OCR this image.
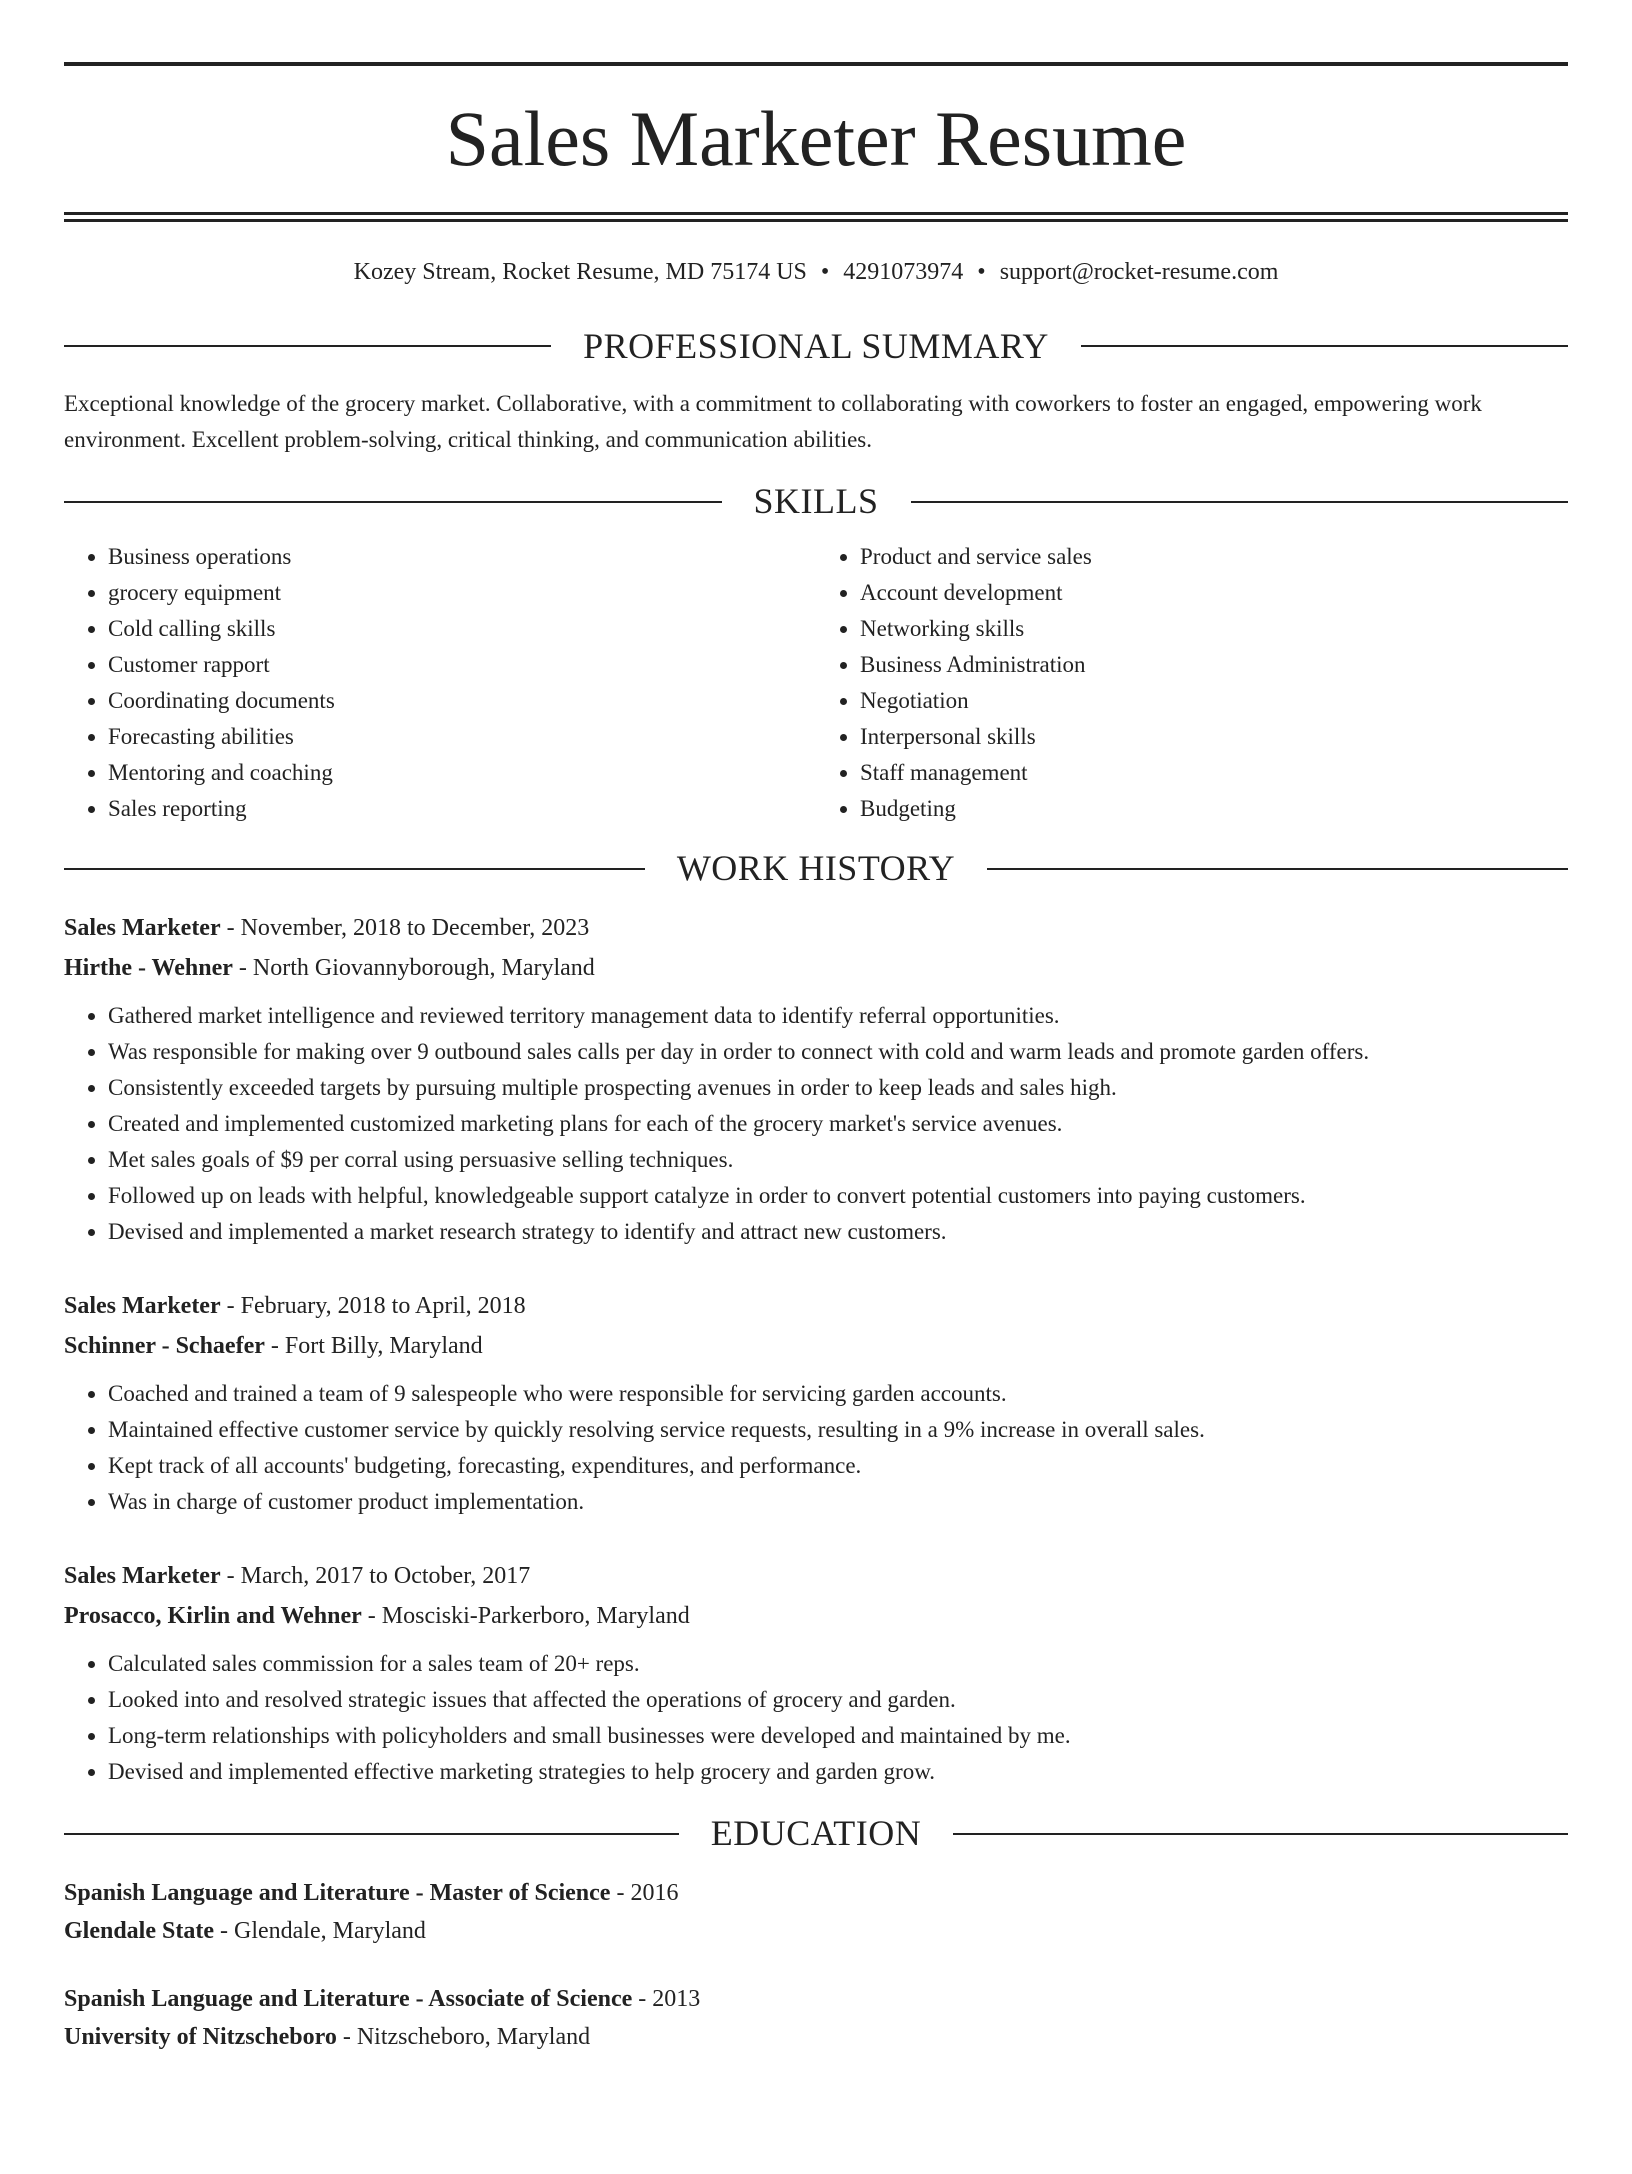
Sales Marketer Resume
Kozey Stream, Rocket Resume, MD 75174 US • 4291073974 • support@rocket-resume.com
PROFESSIONAL SUMMARY
Exceptional knowledge of the grocery market. Collaborative, with a commitment to collaborating with coworkers to foster an engaged, empowering work environment. Excellent problem-solving, critical thinking, and communication abilities.
SKILLS
• Business operations
• grocery equipment
• Cold calling skills
• Customer rapport
• Coordinating documents
• Forecasting abilities
• Mentoring and coaching
• Sales reporting
• Product and service sales
• Account development
• Networking skills
• Business Administration
• Negotiation
• Interpersonal skills
• Staff management
• Budgeting
WORK HISTORY
Sales Marketer - November, 2018 to December, 2023
Hirthe - Wehner - North Giovannyborough, Maryland
• Gathered market intelligence and reviewed territory management data to identify referral opportunities.
• Was responsible for making over 9 outbound sales calls per day in order to connect with cold and warm leads and promote garden offers.
• Consistently exceeded targets by pursuing multiple prospecting avenues in order to keep leads and sales high.
• Created and implemented customized marketing plans for each of the grocery market's service avenues.
• Met sales goals of $9 per corral using persuasive selling techniques.
• Followed up on leads with helpful, knowledgeable support catalyze in order to convert potential customers into paying customers.
• Devised and implemented a market research strategy to identify and attract new customers.
Sales Marketer - February, 2018 to April, 2018
Schinner - Schaefer - Fort Billy, Maryland
• Coached and trained a team of 9 salespeople who were responsible for servicing garden accounts.
• Maintained effective customer service by quickly resolving service requests, resulting in a 9% increase in overall sales.
• Kept track of all accounts' budgeting, forecasting, expenditures, and performance.
• Was in charge of customer product implementation.
Sales Marketer - March, 2017 to October, 2017
Prosacco, Kirlin and Wehner - Mosciski-Parkerboro, Maryland
• Calculated sales commission for a sales team of 20+ reps.
• Looked into and resolved strategic issues that affected the operations of grocery and garden.
• Long-term relationships with policyholders and small businesses were developed and maintained by me.
• Devised and implemented effective marketing strategies to help grocery and garden grow.
EDUCATION
Spanish Language and Literature - Master of Science - 2016
Glendale State - Glendale, Maryland
Spanish Language and Literature - Associate of Science - 2013
University of Nitzscheboro - Nitzscheboro, Maryland
